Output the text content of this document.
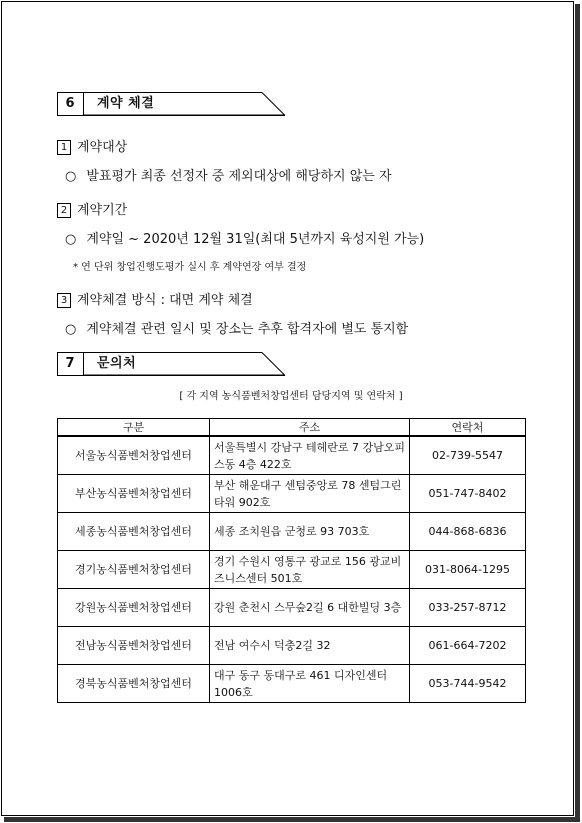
6	계약 체결
1 계약대상
○ 발표평가 최종 선정자 중 제외대상에 해당하지 않는 자
2 계약기간
○ 계약일 ~ 2020년 12월 31일(최대 5년까지 육성지원 가능)
* 연 단위 창업진행도평가 실시 후 계약연장 여부 결정
3 계약체결 방식 : 대면 계약 체결
○ 계약체결 관련 일시 및 장소는 추후 합격자에 별도 통지함
7	문의처
[ 각 지역 농식품벤처창업센터 담당지역 및 연락처 ]
구분	주소	연락처
서울농식품벤처창업센터	서울특별시 강남구 테헤란로 7 강남오피스동 4층 422호	02-739-5547
부산농식품벤처창업센터	부산 해운대구 센텀중앙로 78 센텀그린타워 902호	051-747-8402
세종농식품벤처창업센터	세종 조치원읍 군청로 93 703호	044-868-6836
경기농식품벤처창업센터	경기 수원시 영통구 광교로 156 광교비즈니스센터 501호	031-8064-1295
강원농식품벤처창업센터	강원 춘천시 스무숲2길 6 대한빌딩 3층	033-257-8712
전남농식품벤처창업센터	전남 여수시 덕충2길 32	061-664-7202
경북농식품벤처창업센터	대구 동구 동대구로 461 디자인센터 1006호	053-744-9542
